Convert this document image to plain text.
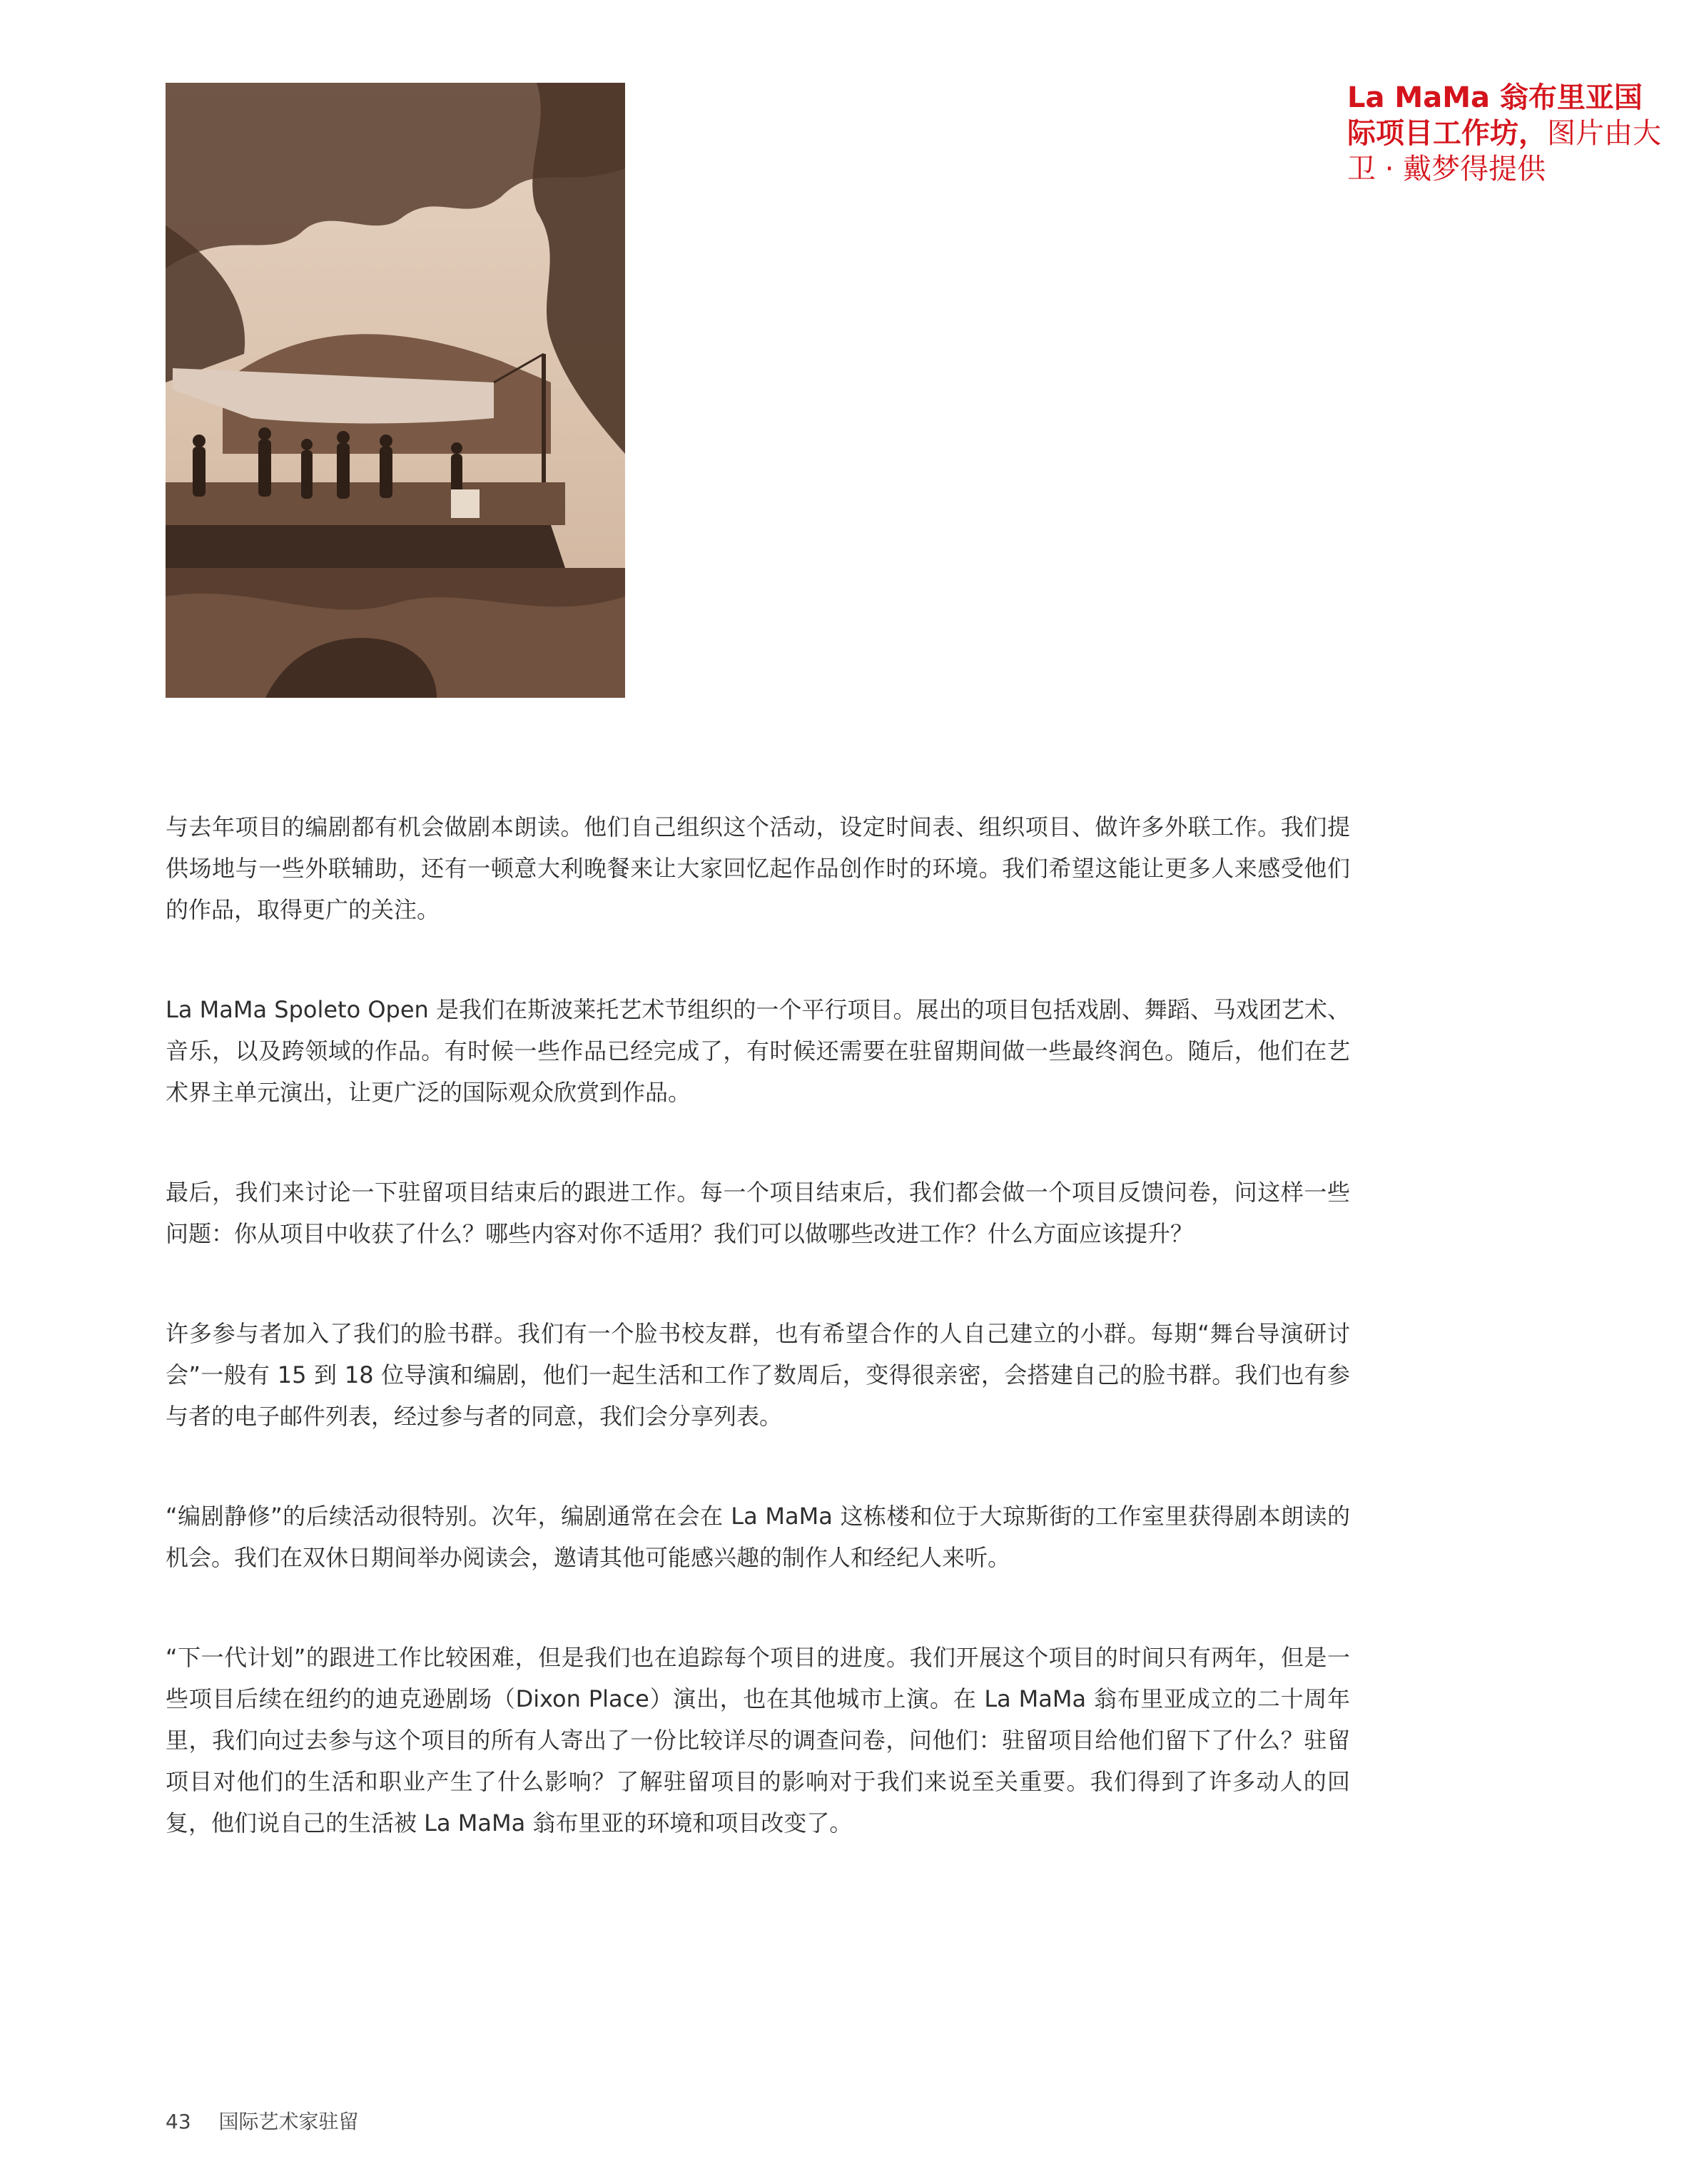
La MaMa 翁布里亚国际项目工作坊，图片由大卫 · 戴梦得提供

与去年项目的编剧都有机会做剧本朗读。他们自己组织这个活动，设定时间表、组织项目、做许多外联工作。我们提供场地与一些外联辅助，还有一顿意大利晚餐来让大家回忆起作品创作时的环境。我们希望这能让更多人来感受他们的作品，取得更广的关注。

La MaMa Spoleto Open 是我们在斯波莱托艺术节组织的一个平行项目。展出的项目包括戏剧、舞蹈、马戏团艺术、音乐，以及跨领域的作品。有时候一些作品已经完成了，有时候还需要在驻留期间做一些最终润色。随后，他们在艺术界主单元演出，让更广泛的国际观众欣赏到作品。

最后，我们来讨论一下驻留项目结束后的跟进工作。每一个项目结束后，我们都会做一个项目反馈问卷，问这样一些问题：你从项目中收获了什么？哪些内容对你不适用？我们可以做哪些改进工作？什么方面应该提升？

许多参与者加入了我们的脸书群。我们有一个脸书校友群，也有希望合作的人自己建立的小群。每期“舞台导演研讨会”一般有 15 到 18 位导演和编剧，他们一起生活和工作了数周后，变得很亲密，会搭建自己的脸书群。我们也有参与者的电子邮件列表，经过参与者的同意，我们会分享列表。

“编剧静修”的后续活动很特别。次年，编剧通常在会在 La MaMa 这栋楼和位于大琼斯街的工作室里获得剧本朗读的机会。我们在双休日期间举办阅读会，邀请其他可能感兴趣的制作人和经纪人来听。

“下一代计划”的跟进工作比较困难，但是我们也在追踪每个项目的进度。我们开展这个项目的时间只有两年，但是一些项目后续在纽约的迪克逊剧场（Dixon Place）演出，也在其他城市上演。在 La MaMa 翁布里亚成立的二十周年里，我们向过去参与这个项目的所有人寄出了一份比较详尽的调查问卷，问他们：驻留项目给他们留下了什么？驻留项目对他们的生活和职业产生了什么影响？了解驻留项目的影响对于我们来说至关重要。我们得到了许多动人的回复，他们说自己的生活被 La MaMa 翁布里亚的环境和项目改变了。

43 国际艺术家驻留
